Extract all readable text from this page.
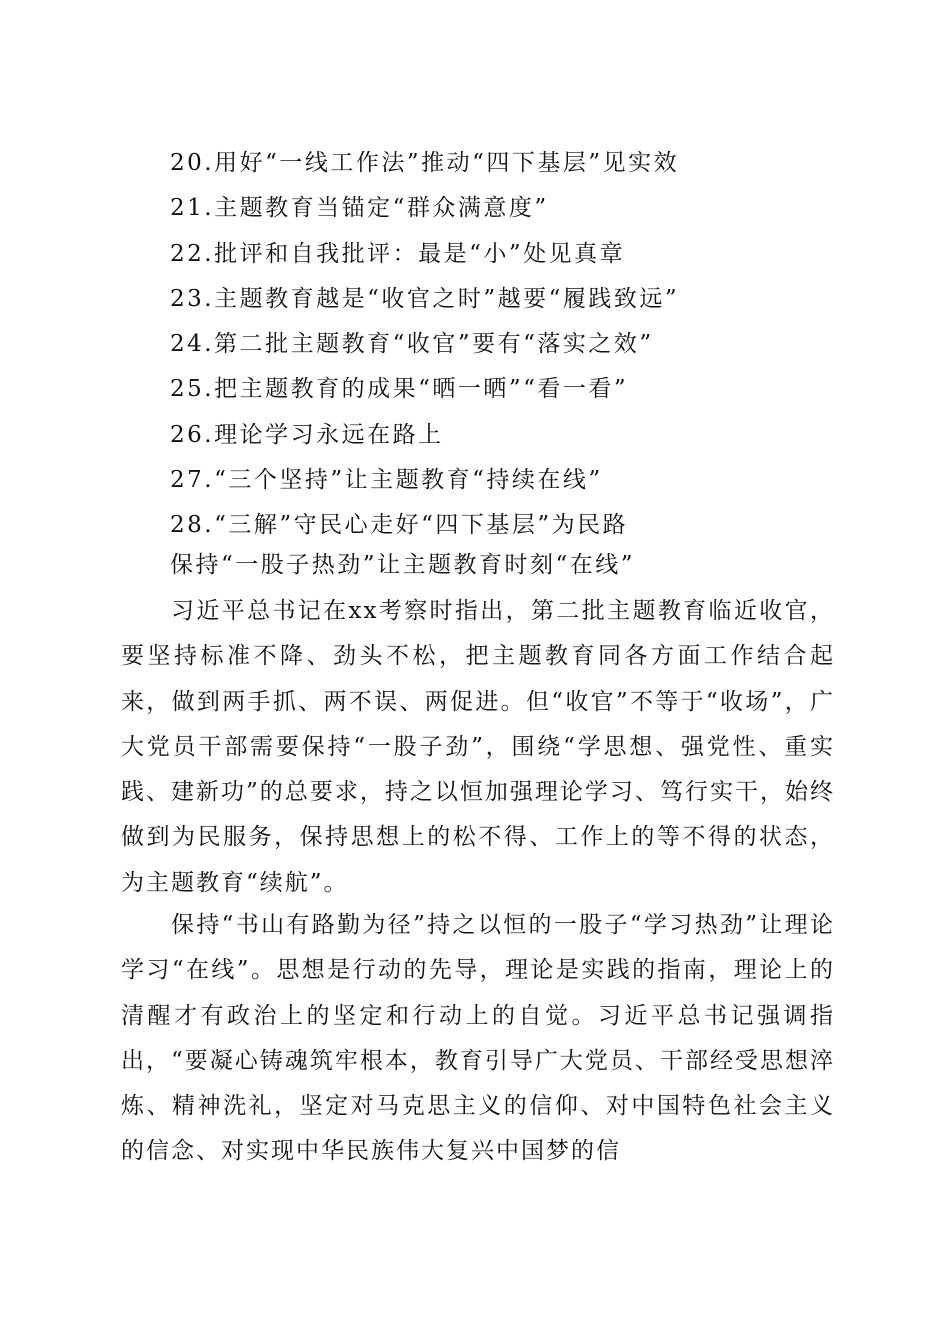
20.用好“一线工作法”推动“四下基层”见实效
21.主题教育当锚定“群众满意度”
22.批评和自我批评：最是“小”处见真章
23.主题教育越是“收官之时”越要“履践致远”
24.第二批主题教育“收官”要有“落实之效”
25.把主题教育的成果“晒一晒”“看一看”
26.理论学习永远在路上
27.“三个坚持”让主题教育“持续在线”
28.“三解”守民心走好“四下基层”为民路
保持“一股子热劲”让主题教育时刻“在线”

习近平总书记在xx考察时指出，第二批主题教育临近收官，要坚持标准不降、劲头不松，把主题教育同各方面工作结合起来，做到两手抓、两不误、两促进。但“收官”不等于“收场”，广大党员干部需要保持“一股子劲”，围绕“学思想、强党性、重实践、建新功”的总要求，持之以恒加强理论学习、笃行实干，始终做到为民服务，保持思想上的松不得、工作上的等不得的状态，为主题教育“续航”。

保持“书山有路勤为径”持之以恒的一股子“学习热劲”让理论学习“在线”。思想是行动的先导，理论是实践的指南，理论上的清醒才有政治上的坚定和行动上的自觉。习近平总书记强调指出，“要凝心铸魂筑牢根本，教育引导广大党员、干部经受思想淬炼、精神洗礼，坚定对马克思主义的信仰、对中国特色社会主义的信念、对实现中华民族伟大复兴中国梦的信
